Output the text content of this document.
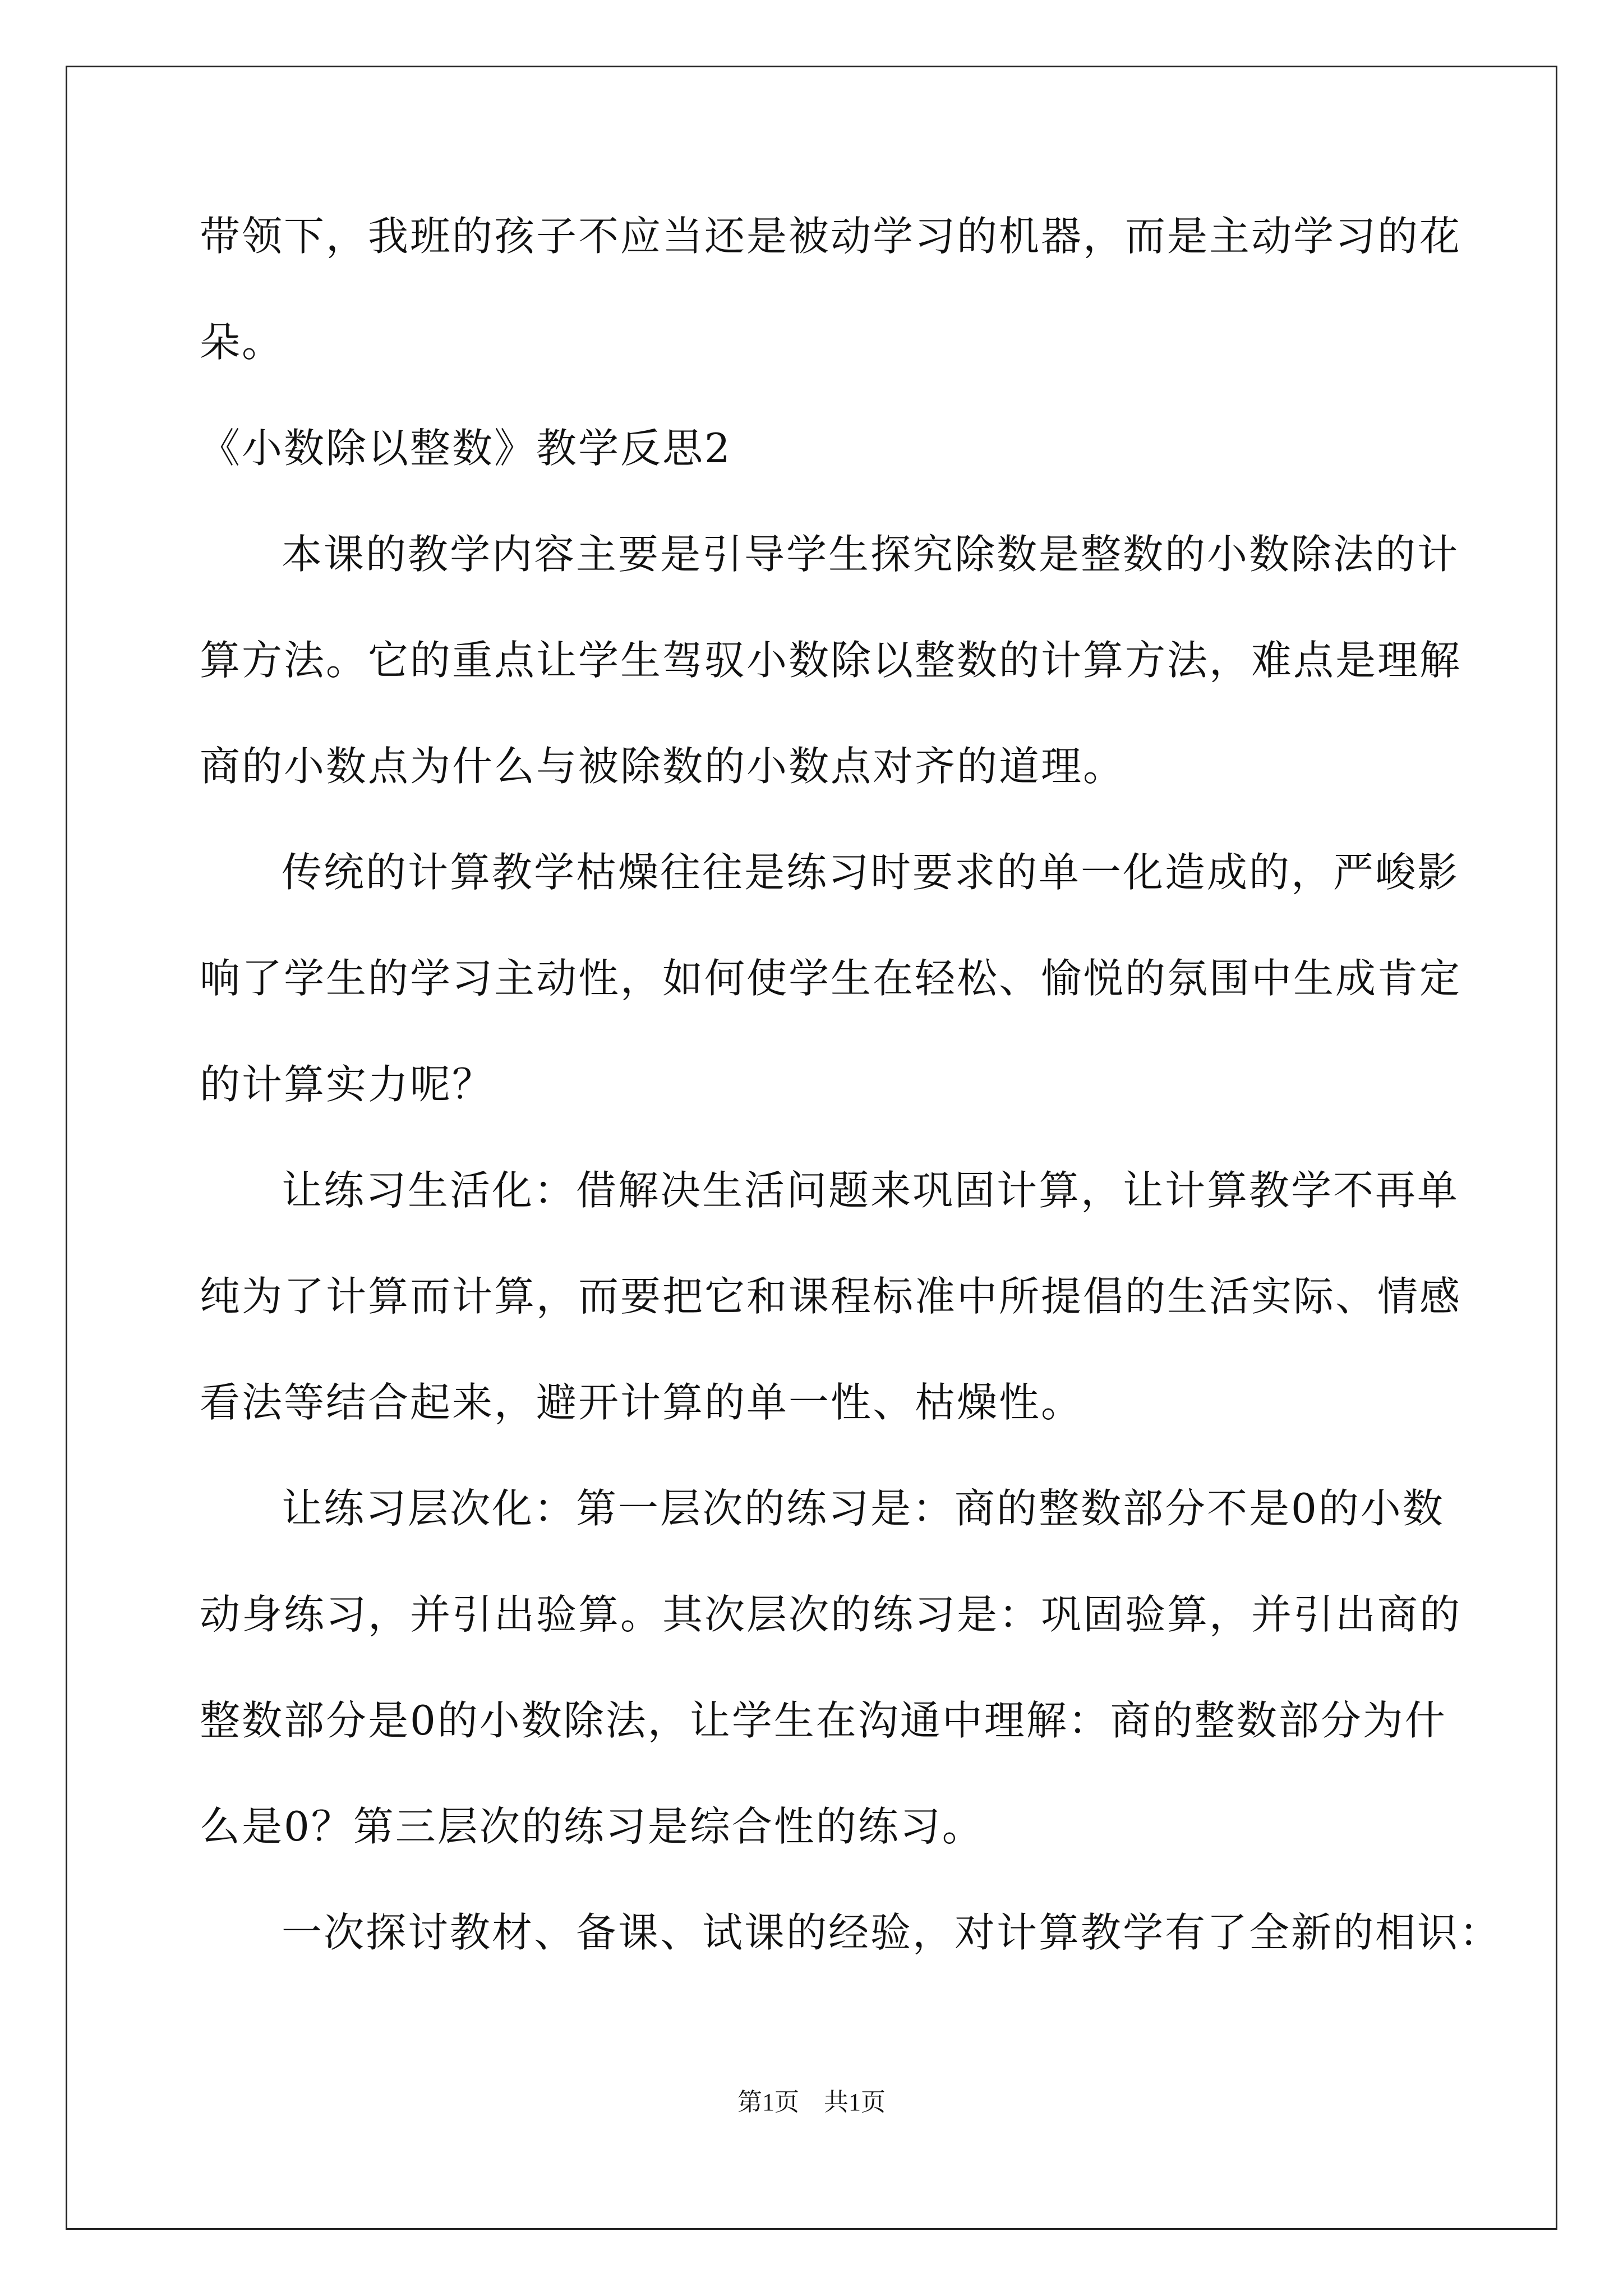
带领下，我班的孩子不应当还是被动学习的机器，而是主动学习的花
朵。
《小数除以整数》教学反思2
本课的教学内容主要是引导学生探究除数是整数的小数除法的计
算方法。它的重点让学生驾驭小数除以整数的计算方法，难点是理解
商的小数点为什么与被除数的小数点对齐的道理。
传统的计算教学枯燥往往是练习时要求的单一化造成的，严峻影
响了学生的学习主动性，如何使学生在轻松、愉悦的氛围中生成肯定
的计算实力呢？
让练习生活化：借解决生活问题来巩固计算，让计算教学不再单
纯为了计算而计算，而要把它和课程标准中所提倡的生活实际、情感
看法等结合起来，避开计算的单一性、枯燥性。
让练习层次化：第一层次的练习是：商的整数部分不是0的小数
动身练习，并引出验算。其次层次的练习是：巩固验算，并引出商的
整数部分是0的小数除法，让学生在沟通中理解：商的整数部分为什
么是0？第三层次的练习是综合性的练习。
一次探讨教材、备课、试课的经验，对计算教学有了全新的相识：
第1页　共1页
